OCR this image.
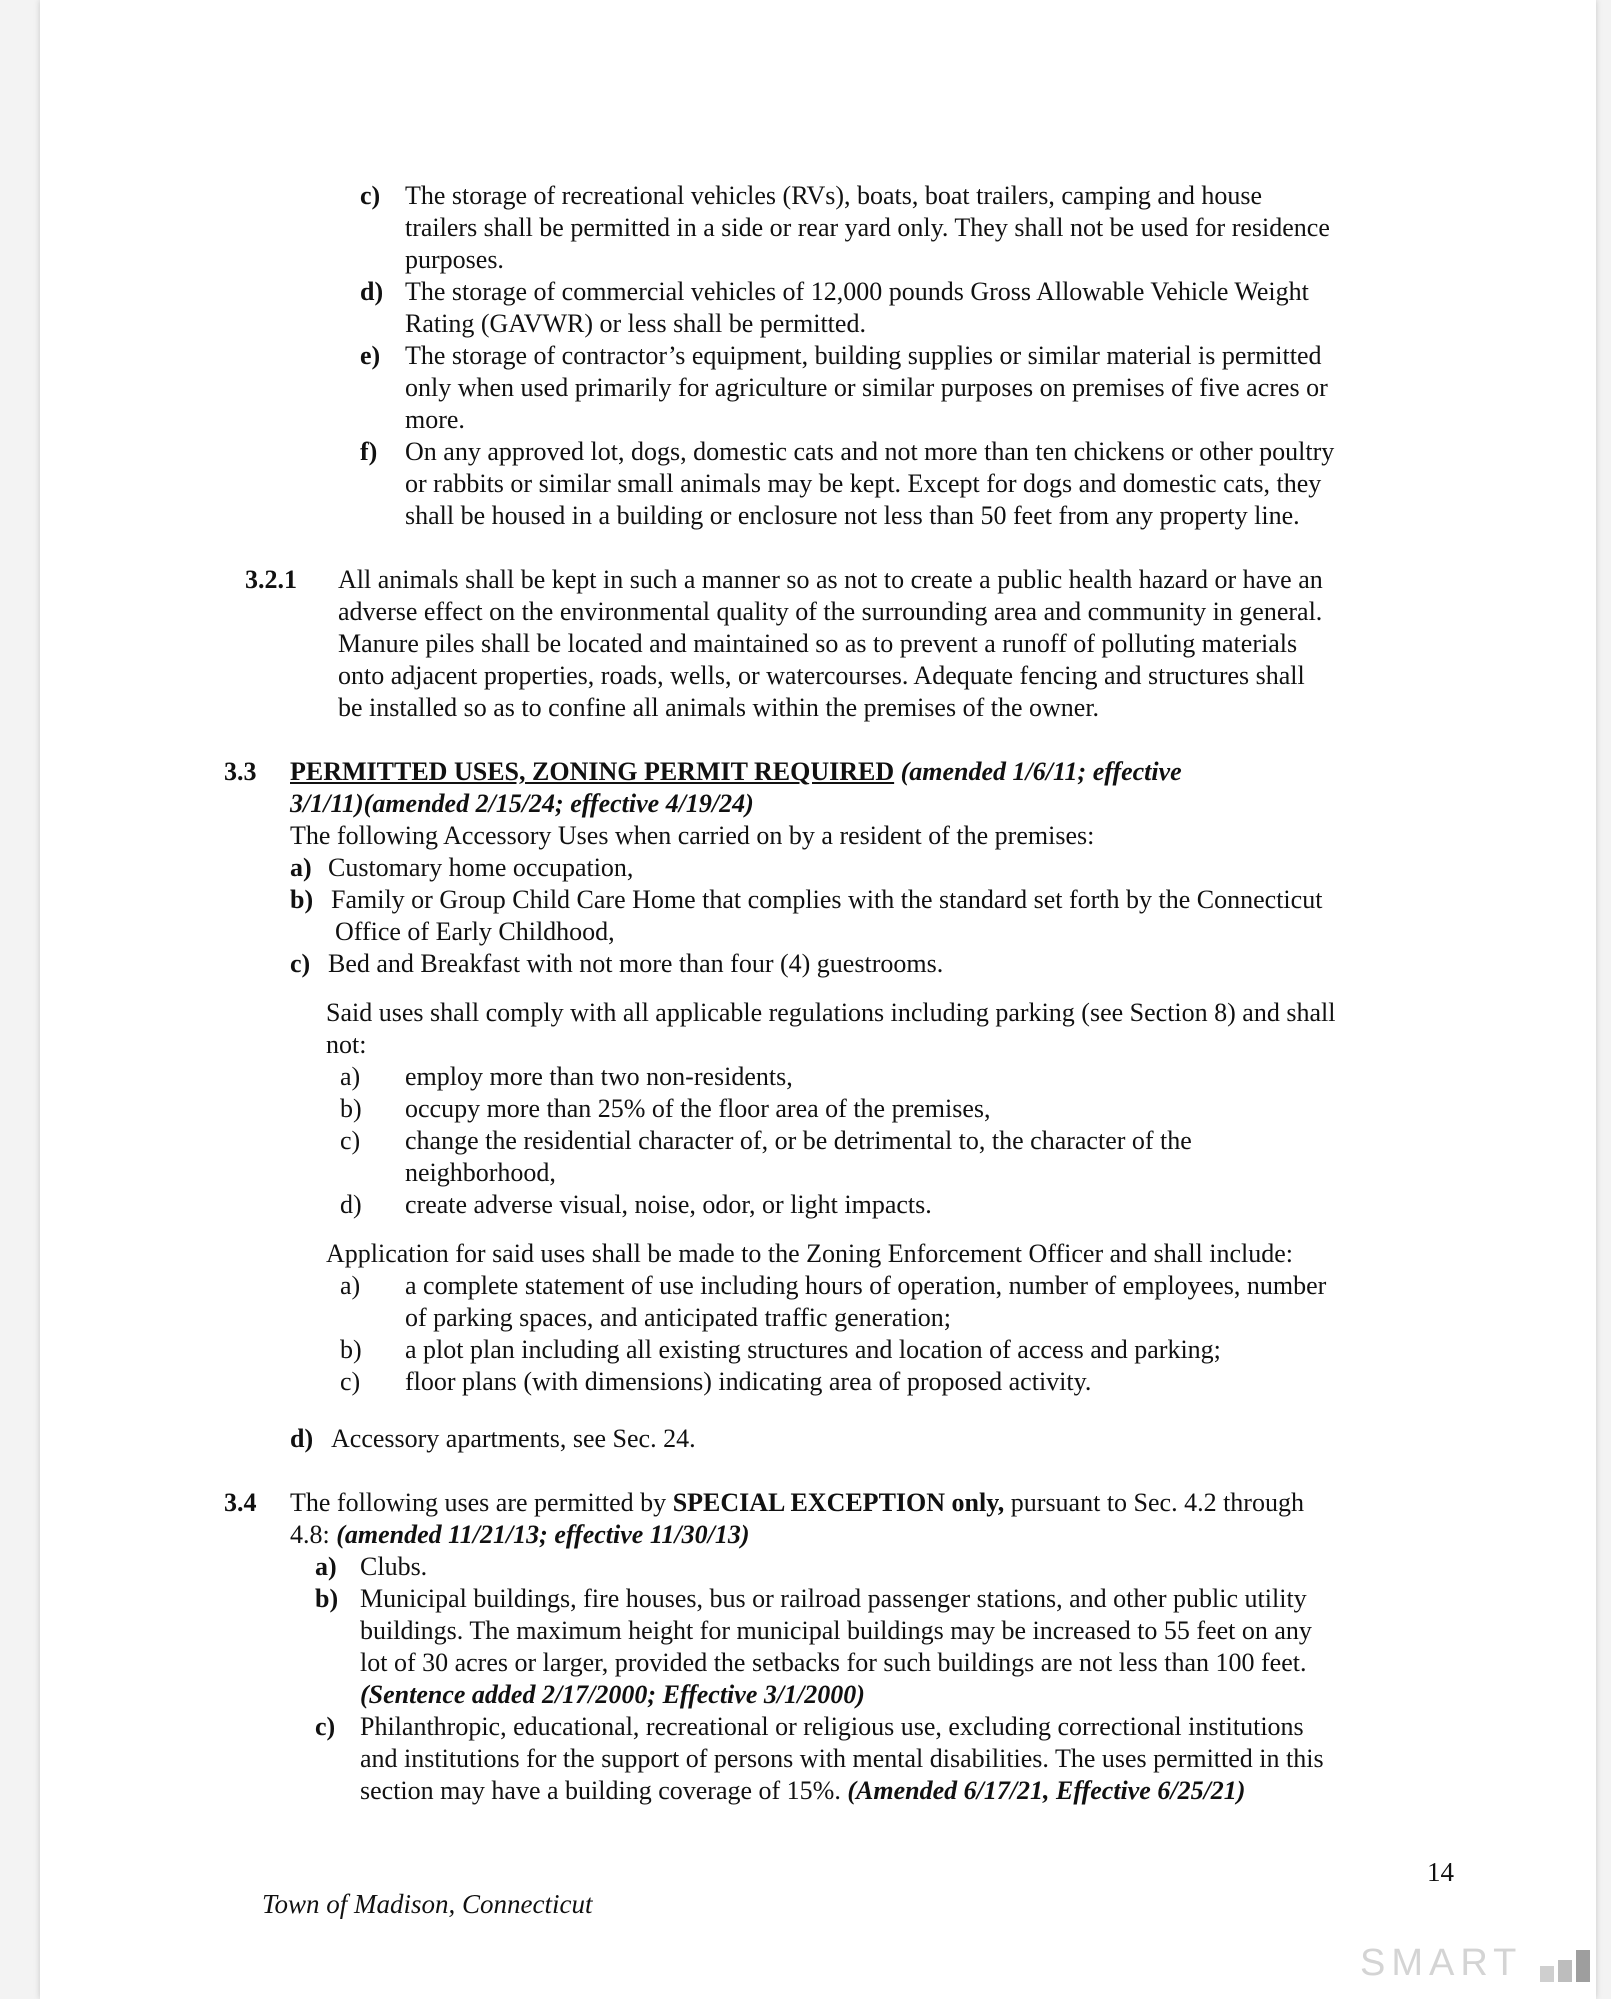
c) The storage of recreational vehicles (RVs), boats, boat trailers, camping and house
trailers shall be permitted in a side or rear yard only. They shall not be used for residence
purposes.
d) The storage of commercial vehicles of 12,000 pounds Gross Allowable Vehicle Weight
Rating (GAVWR) or less shall be permitted.
e) The storage of contractor’s equipment, building supplies or similar material is permitted
only when used primarily for agriculture or similar purposes on premises of five acres or
more.
f) On any approved lot, dogs, domestic cats and not more than ten chickens or other poultry
or rabbits or similar small animals may be kept. Except for dogs and domestic cats, they
shall be housed in a building or enclosure not less than 50 feet from any property line.
3.2.1 All animals shall be kept in such a manner so as not to create a public health hazard or have an
adverse effect on the environmental quality of the surrounding area and community in general.
Manure piles shall be located and maintained so as to prevent a runoff of polluting materials
onto adjacent properties, roads, wells, or watercourses. Adequate fencing and structures shall
be installed so as to confine all animals within the premises of the owner.
3.3 PERMITTED USES, ZONING PERMIT REQUIRED (amended 1/6/11; effective
3/1/11)(amended 2/15/24; effective 4/19/24)
The following Accessory Uses when carried on by a resident of the premises:
a) Customary home occupation,
b) Family or Group Child Care Home that complies with the standard set forth by the Connecticut
Office of Early Childhood,
c) Bed and Breakfast with not more than four (4) guestrooms.
Said uses shall comply with all applicable regulations including parking (see Section 8) and shall
not:
a) employ more than two non-residents,
b) occupy more than 25% of the floor area of the premises,
c) change the residential character of, or be detrimental to, the character of the
neighborhood,
d) create adverse visual, noise, odor, or light impacts.
Application for said uses shall be made to the Zoning Enforcement Officer and shall include:
a) a complete statement of use including hours of operation, number of employees, number
of parking spaces, and anticipated traffic generation;
b) a plot plan including all existing structures and location of access and parking;
c) floor plans (with dimensions) indicating area of proposed activity.
d) Accessory apartments, see Sec. 24.
3.4 The following uses are permitted by SPECIAL EXCEPTION only, pursuant to Sec. 4.2 through
4.8: (amended 11/21/13; effective 11/30/13)
a) Clubs.
b) Municipal buildings, fire houses, bus or railroad passenger stations, and other public utility
buildings. The maximum height for municipal buildings may be increased to 55 feet on any
lot of 30 acres or larger, provided the setbacks for such buildings are not less than 100 feet.
(Sentence added 2/17/2000; Effective 3/1/2000)
c) Philanthropic, educational, recreational or religious use, excluding correctional institutions
and institutions for the support of persons with mental disabilities. The uses permitted in this
section may have a building coverage of 15%. (Amended 6/17/21, Effective 6/25/21)
14
Town of Madison, Connecticut
SMART
